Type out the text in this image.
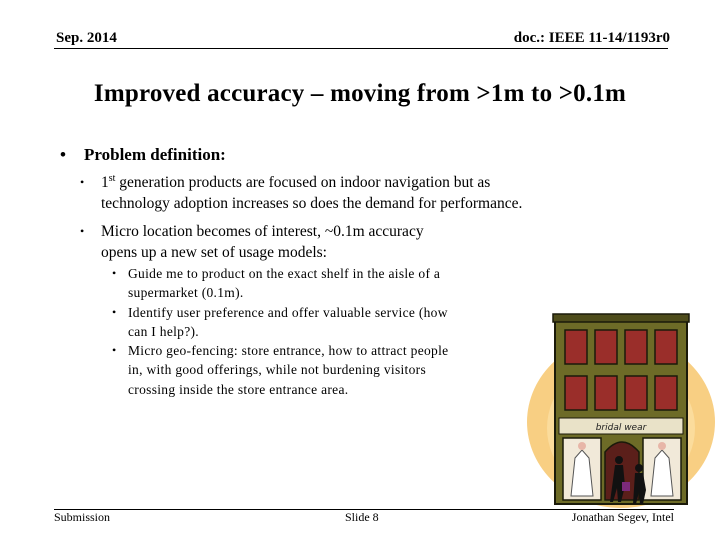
Sep. 2014	doc.: IEEE 11-14/1193r0
Improved accuracy – moving from >1m to >0.1m
• Problem definition:
• 1st generation products are focused on indoor navigation but as
technology adoption increases so does the demand for performance.
• Micro location becomes of interest, ~0.1m accuracy
opens up a new set of usage models:
• Guide me to product on the exact shelf in the aisle of a
supermarket (0.1m).
• Identify user preference and offer valuable service (how
can I help?).
• Micro geo-fencing: store entrance, how to attract people
in, with good offerings, while not burdening visitors
crossing inside the store entrance area.
bridal wear
Submission	Slide 8	Jonathan Segev, Intel
